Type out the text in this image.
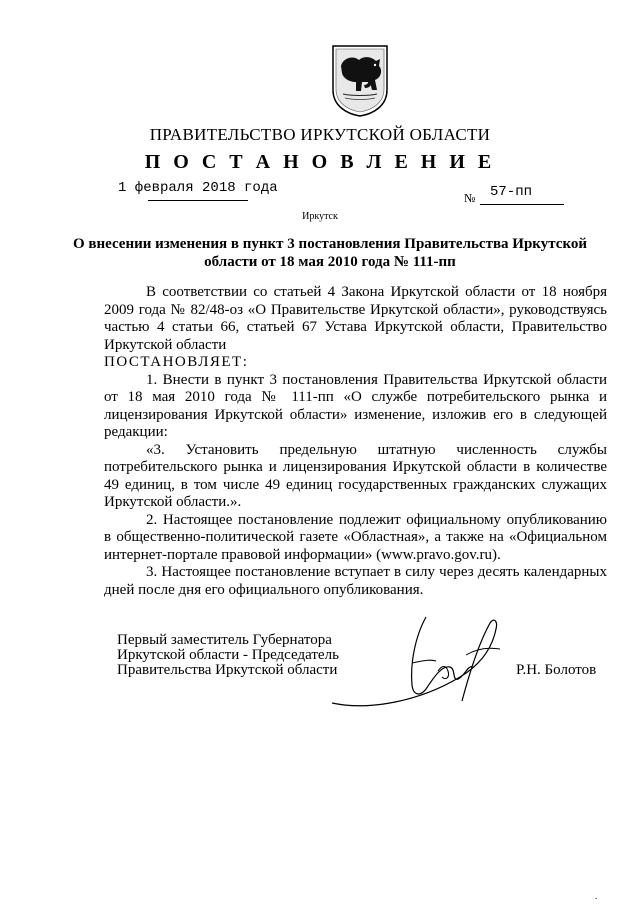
ПРАВИТЕЛЬСТВО ИРКУТСКОЙ ОБЛАСТИ
П О С Т А Н О В Л Е Н И Е
1 февраля 2018 года
№ 57-пп
Иркутск
О внесении изменения в пункт 3 постановления Правительства Иркутской области от 18 мая 2010 года № 111-пп

В соответствии со статьей 4 Закона Иркутской области от 18 ноября 2009 года № 82/48-оз «О Правительстве Иркутской области», руководствуясь частью 4 статьи 66, статьей 67 Устава Иркутской области, Правительство Иркутской области

ПОСТАНОВЛЯЕТ:

1. Внести в пункт 3 постановления Правительства Иркутской области от 18 мая 2010 года № 111-пп «О службе потребительского рынка и лицензирования Иркутской области» изменение, изложив его в следующей редакции:

«3. Установить предельную штатную численность службы потребительского рынка и лицензирования Иркутской области в количестве 49 единиц, в том числе 49 единиц государственных гражданских служащих Иркутской области.».

2. Настоящее постановление подлежит официальному опубликованию в общественно-политической газете «Областная», а также на «Официальном интернет-портале правовой информации» (www.pravo.gov.ru).

3. Настоящее постановление вступает в силу через десять календарных дней после дня его официального опубликования.

Первый заместитель Губернатора
Иркутской области - Председатель
Правительства Иркутской области	Р.Н. Болотов
.
